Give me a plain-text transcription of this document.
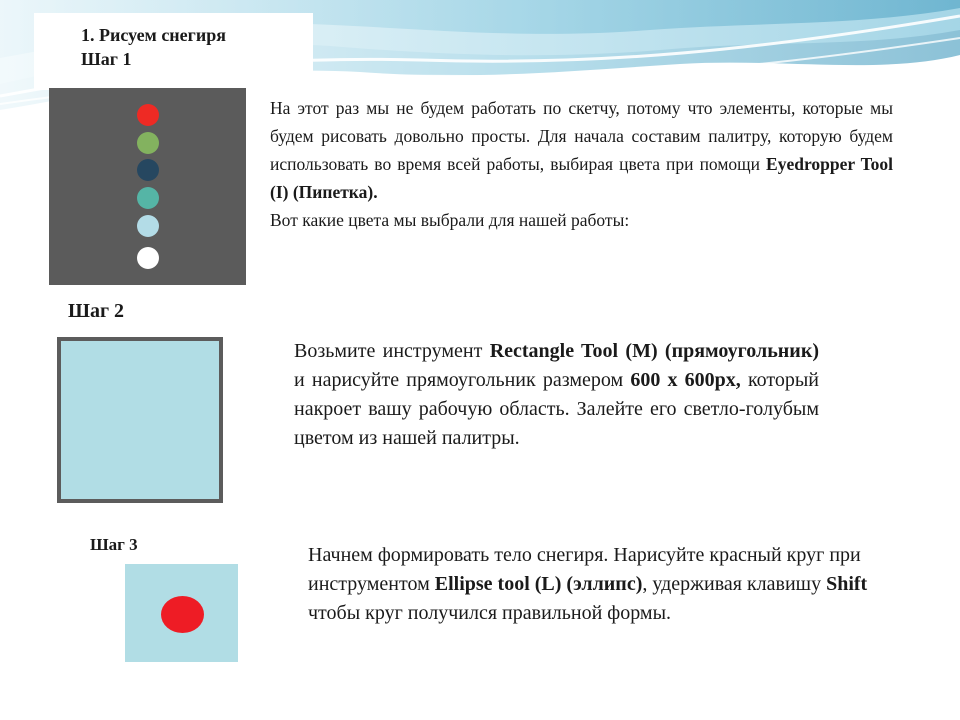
1. Рисуем снегиря
Шаг 1
На этот раз мы не будем работать по скетчу, потому что элементы, которые мы будем рисовать довольно просты. Для начала составим палитру, которую будем использовать во время всей работы, выбирая цвета при помощи Eyedropper Tool (I) (Пипетка).
Вот какие цвета мы выбрали для нашей работы:
Шаг 2
Возьмите инструмент Rectangle Tool (M) (прямоугольник) и нарисуйте прямоугольник размером 600 x 600px, который накроет вашу рабочую область. Залейте его светло-голубым цветом из нашей палитры.
Шаг 3	Начнем формировать тело снегиря. Нарисуйте красный круг при инструментом Ellipse tool (L) (эллипс), удерживая клавишу Shift чтобы круг получился правильной формы.
